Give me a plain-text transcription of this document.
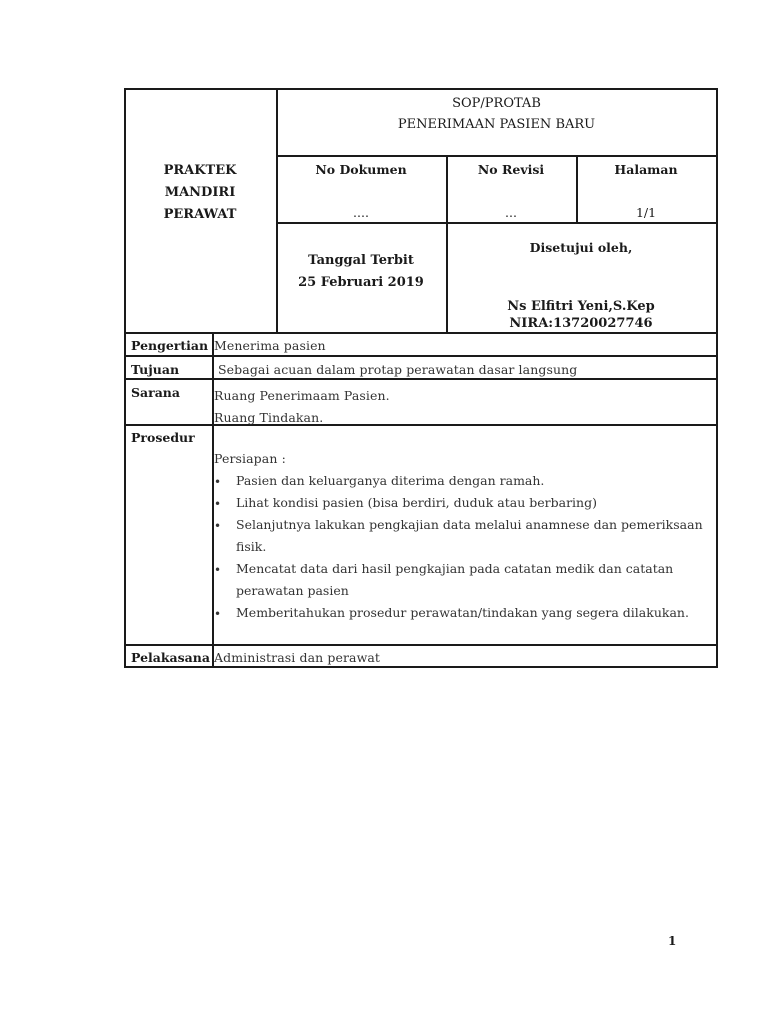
PRAKTEK
MANDIRI
PERAWAT
SOP/PROTAB
PENERIMAAN PASIEN BARU
No Dokumen
....
No Revisi
...
Halaman
1/1
Tanggal Terbit
25 Februari 2019
Disetujui oleh,
Ns Elfitri Yeni,S.Kep
NIRA:13720027746
Pengertian Menerima pasien
Tujuan	Sebagai acuan dalam protap perawatan dasar langsung
Sarana	Ruang Penerimaam Pasien.
Ruang Tindakan.
Prosedur
Persiapan :
• Pasien dan keluarganya diterima dengan ramah.
• Lihat kondisi pasien (bisa berdiri, duduk atau berbaring)
• Selanjutnya lakukan pengkajian data melalui anamnese dan pemeriksaan fisik.
• Mencatat data dari hasil pengkajian pada catatan medik dan catatan perawatan pasien
• Memberitahukan prosedur perawatan/tindakan yang segera dilakukan.
Pelakasana Administrasi dan perawat
1
